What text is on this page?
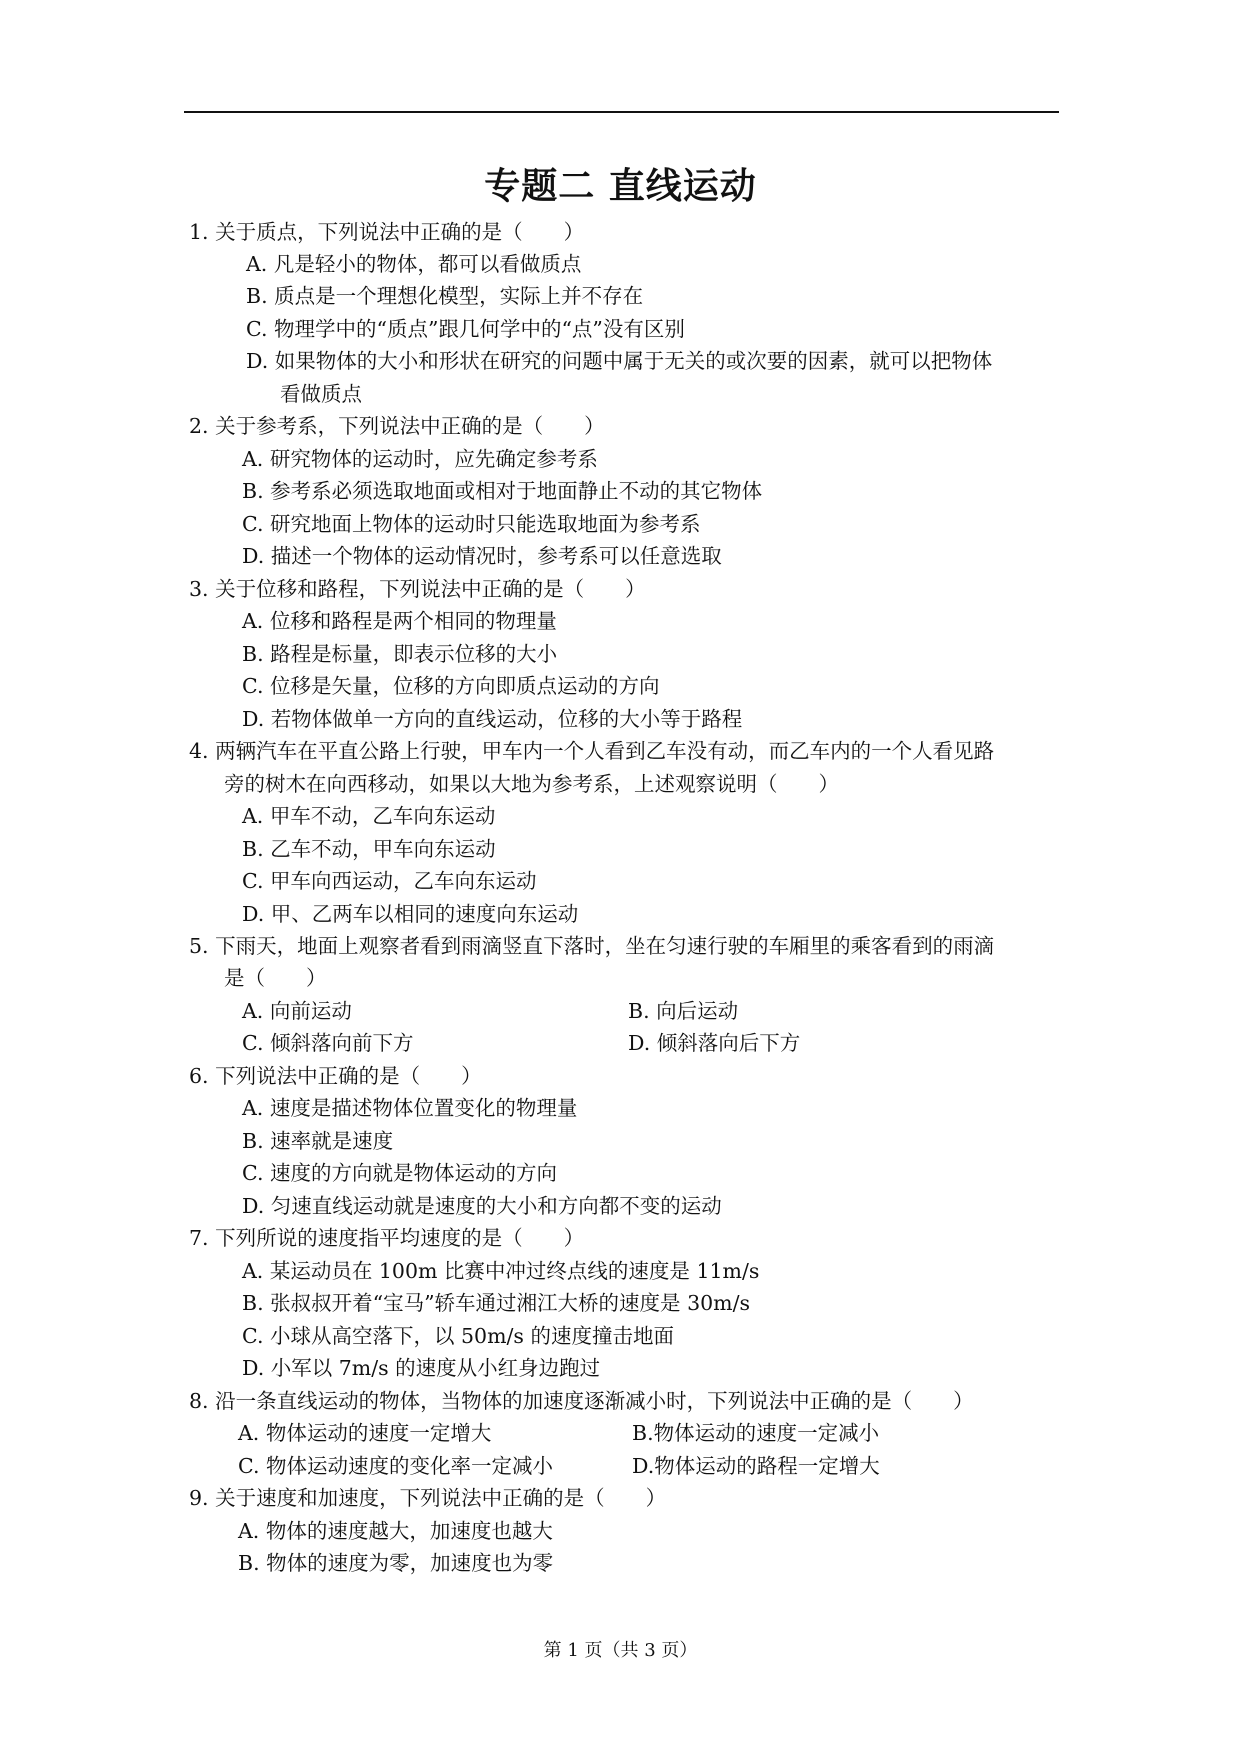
专题二 直线运动
1. 关于质点，下列说法中正确的是（　　）
A. 凡是轻小的物体，都可以看做质点
B. 质点是一个理想化模型，实际上并不存在
C. 物理学中的“质点”跟几何学中的“点”没有区别
D. 如果物体的大小和形状在研究的问题中属于无关的或次要的因素，就可以把物体
看做质点
2. 关于参考系，下列说法中正确的是（　　）
A. 研究物体的运动时，应先确定参考系
B. 参考系必须选取地面或相对于地面静止不动的其它物体
C. 研究地面上物体的运动时只能选取地面为参考系
D. 描述一个物体的运动情况时，参考系可以任意选取
3. 关于位移和路程，下列说法中正确的是（　　）
A. 位移和路程是两个相同的物理量
B. 路程是标量，即表示位移的大小
C. 位移是矢量，位移的方向即质点运动的方向
D. 若物体做单一方向的直线运动，位移的大小等于路程
4. 两辆汽车在平直公路上行驶，甲车内一个人看到乙车没有动，而乙车内的一个人看见路
旁的树木在向西移动，如果以大地为参考系，上述观察说明（　　）
A. 甲车不动，乙车向东运动
B. 乙车不动，甲车向东运动
C. 甲车向西运动，乙车向东运动
D. 甲、乙两车以相同的速度向东运动
5. 下雨天，地面上观察者看到雨滴竖直下落时，坐在匀速行驶的车厢里的乘客看到的雨滴
是（　　）
A. 向前运动	B. 向后运动
C. 倾斜落向前下方	D. 倾斜落向后下方
6. 下列说法中正确的是（　　）
A. 速度是描述物体位置变化的物理量
B. 速率就是速度
C. 速度的方向就是物体运动的方向
D. 匀速直线运动就是速度的大小和方向都不变的运动
7. 下列所说的速度指平均速度的是（　　）
A. 某运动员在 100m 比赛中冲过终点线的速度是 11m/s
B. 张叔叔开着“宝马”轿车通过湘江大桥的速度是 30m/s
C. 小球从高空落下，以 50m/s 的速度撞击地面
D. 小军以 7m/s 的速度从小红身边跑过
8. 沿一条直线运动的物体，当物体的加速度逐渐减小时，下列说法中正确的是（　　）
A. 物体运动的速度一定增大	B.物体运动的速度一定减小
C. 物体运动速度的变化率一定减小	D.物体运动的路程一定增大
9. 关于速度和加速度，下列说法中正确的是（　　）
A. 物体的速度越大，加速度也越大
B. 物体的速度为零，加速度也为零
第 1 页（共 3 页）
